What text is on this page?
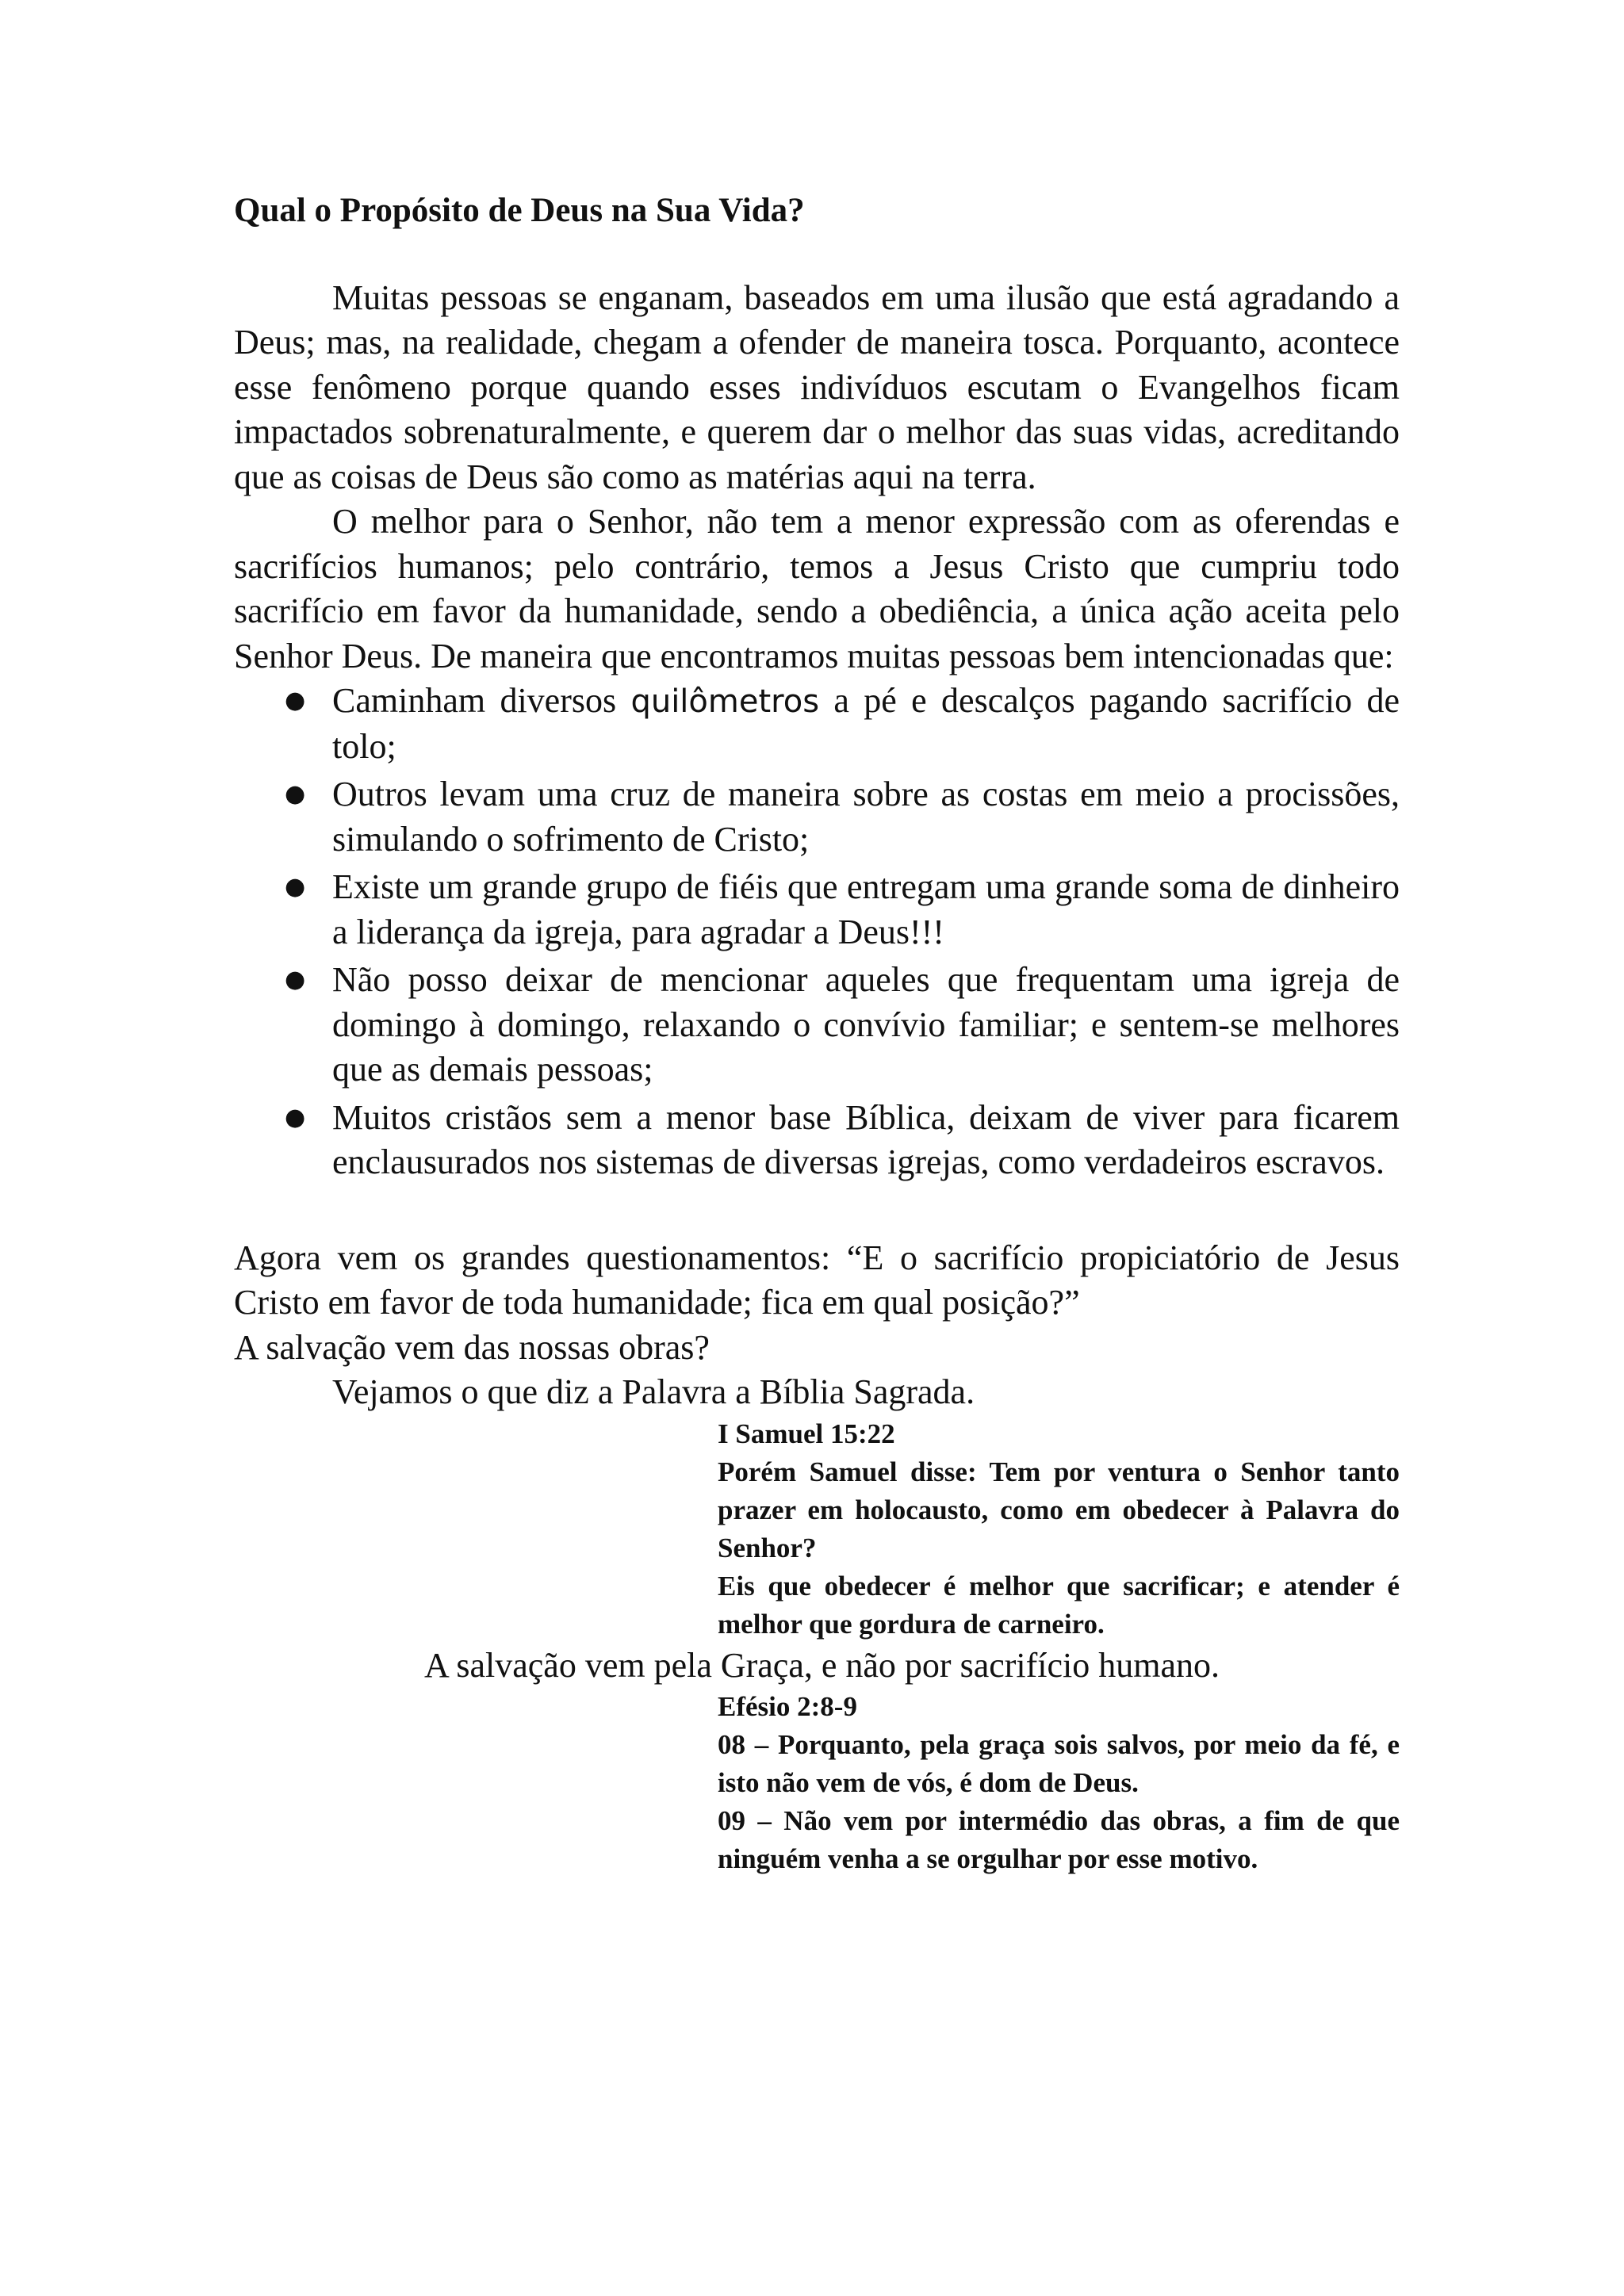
Qual o Propósito de Deus na Sua Vida?

Muitas pessoas se enganam, baseados em uma ilusão que está agradando a Deus; mas, na realidade, chegam a ofender de maneira tosca. Porquanto, acontece esse fenômeno porque quando esses indivíduos escutam o Evangelhos ficam impactados sobrenaturalmente, e querem dar o melhor das suas vidas, acreditando que as coisas de Deus são como as matérias aqui na terra.

O melhor para o Senhor, não tem a menor expressão com as oferendas e sacrifícios humanos; pelo contrário, temos a Jesus Cristo que cumpriu todo sacrifício em favor da humanidade, sendo a obediência, a única ação aceita pelo Senhor Deus. De maneira que encontramos muitas pessoas bem intencionadas que:

● Caminham diversos quilômetros a pé e descalços pagando sacrifício de tolo;
● Outros levam uma cruz de maneira sobre as costas em meio a procissões, simulando o sofrimento de Cristo;
● Existe um grande grupo de fiéis que entregam uma grande soma de dinheiro a liderança da igreja, para agradar a Deus!!!
● Não posso deixar de mencionar aqueles que frequentam uma igreja de domingo à domingo, relaxando o convívio familiar; e sentem-se melhores que as demais pessoas;
● Muitos cristãos sem a menor base Bíblica, deixam de viver para ficarem enclausurados nos sistemas de diversas igrejas, como verdadeiros escravos.

Agora vem os grandes questionamentos: “E o sacrifício propiciatório de Jesus Cristo em favor de toda humanidade; fica em qual posição?”

A salvação vem das nossas obras?

Vejamos o que diz a Palavra a Bíblia Sagrada.

I Samuel 15:22

Porém Samuel disse: Tem por ventura o Senhor tanto prazer em holocausto, como em obedecer à Palavra do Senhor?

Eis que obedecer é melhor que sacrificar; e atender é melhor que gordura de carneiro.

A salvação vem pela Graça, e não por sacrifício humano.

Efésio 2:8-9

08 – Porquanto, pela graça sois salvos, por meio da fé, e isto não vem de vós, é dom de Deus.

09 – Não vem por intermédio das obras, a fim de que ninguém venha a se orgulhar por esse motivo.
